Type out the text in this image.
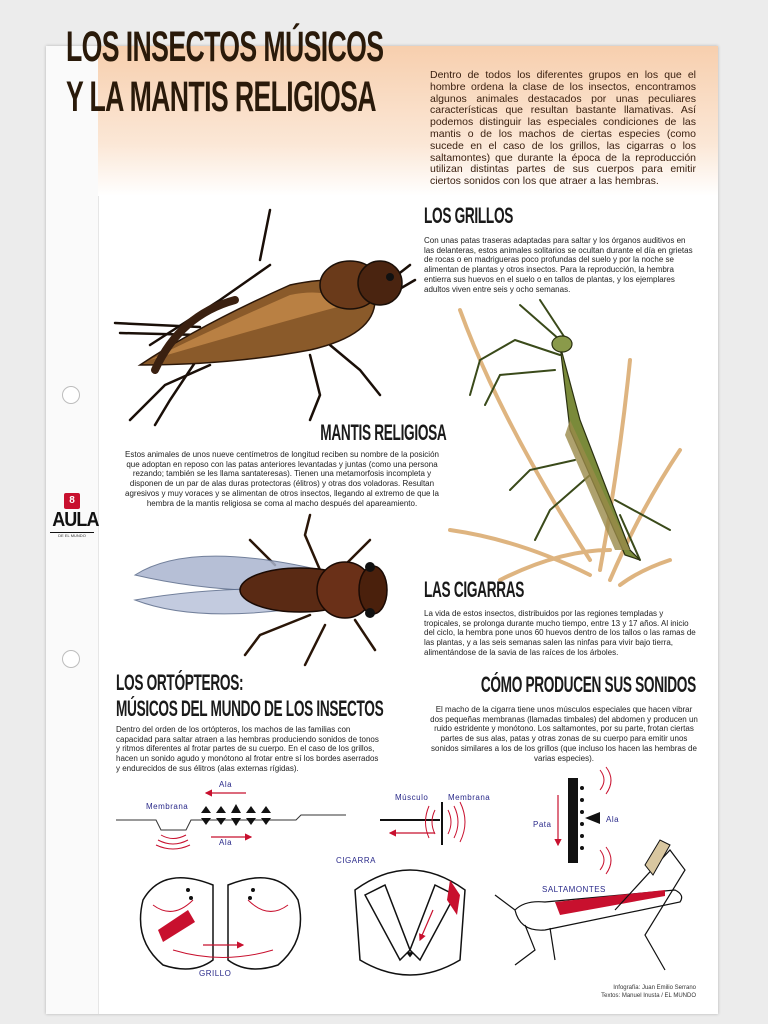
LOS INSECTOS MÚSICOS
Y LA MANTIS RELIGIOSA	Dentro de todos los diferentes grupos en los que el hombre ordena la clase de los insectos, encontramos algunos animales destacados por unas peculiares características que resultan bastante llamativas. Así podemos distinguir las especiales condiciones de las mantis o de los machos de ciertas especies (como sucede en el caso de los grillos, las cigarras o los saltamontes) que durante la época de la reproducción utilizan distintas partes de sus cuerpos para emitir ciertos sonidos con los que atraer a las hembras.
8
AULA
DE EL MUNDO
LOS GRILLOS
Con unas patas traseras adaptadas para saltar y los órganos auditivos en las delanteras, estos animales solitarios se ocultan durante el día en grietas de rocas o en madrigueras poco profundas del suelo y por la noche se alimentan de plantas y otros insectos. Para la reproducción, la hembra entierra sus huevos en el suelo o en tallos de plantas, y los ejemplares adultos viven entre seis y ocho semanas.
MANTIS RELIGIOSA
Estos animales de unos nueve centímetros de longitud reciben su nombre de la posición que adoptan en reposo con las patas anteriores levantadas y juntas (como una persona rezando; también se les llama santateresas). Tienen una metamorfosis incompleta y disponen de un par de alas duras protectoras (élitros) y otras dos voladoras. Resultan agresivos y muy voraces y se alimentan de otros insectos, llegando al extremo de que la hembra de la mantis religiosa se coma al macho después del apareamiento.
LAS CIGARRAS
La vida de estos insectos, distribuidos por las regiones templadas y tropicales, se prolonga durante mucho tiempo, entre 13 y 17 años. Al inicio del ciclo, la hembra pone unos 60 huevos dentro de los tallos o las ramas de las plantas, y a las seis semanas salen las ninfas para vivir bajo tierra, alimentándose de la savia de las raíces de los árboles.
LOS ORTÓPTEROS:
MÚSICOS DEL MUNDO DE LOS INSECTOS
Dentro del orden de los ortópteros, los machos de las familias con capacidad para saltar atraen a las hembras produciendo sonidos de tonos y ritmos diferentes al frotar partes de su cuerpo. En el caso de los grillos, hacen un sonido agudo y monótono al frotar entre sí los bordes aserrados y endurecidos de sus élitros (alas externas rígidas).
CÓMO PRODUCEN SUS SONIDOS
El macho de la cigarra tiene unos músculos especiales que hacen vibrar dos pequeñas membranas (llamadas timbales) del abdomen y producen un ruido estridente y monótono. Los saltamontes, por su parte, frotan ciertas partes de sus alas, patas y otras zonas de su cuerpo para emitir unos sonidos similares a los de los grillos (que incluso los hacen las hembras de varias especies).
Ala
Membrana
Ala
Músculo Membrana
Pata
Ala
CIGARRA
GRILLO
SALTAMONTES
Infografía: Juan Emilio Serrano
Textos: Manuel Inusta / EL MUNDO
